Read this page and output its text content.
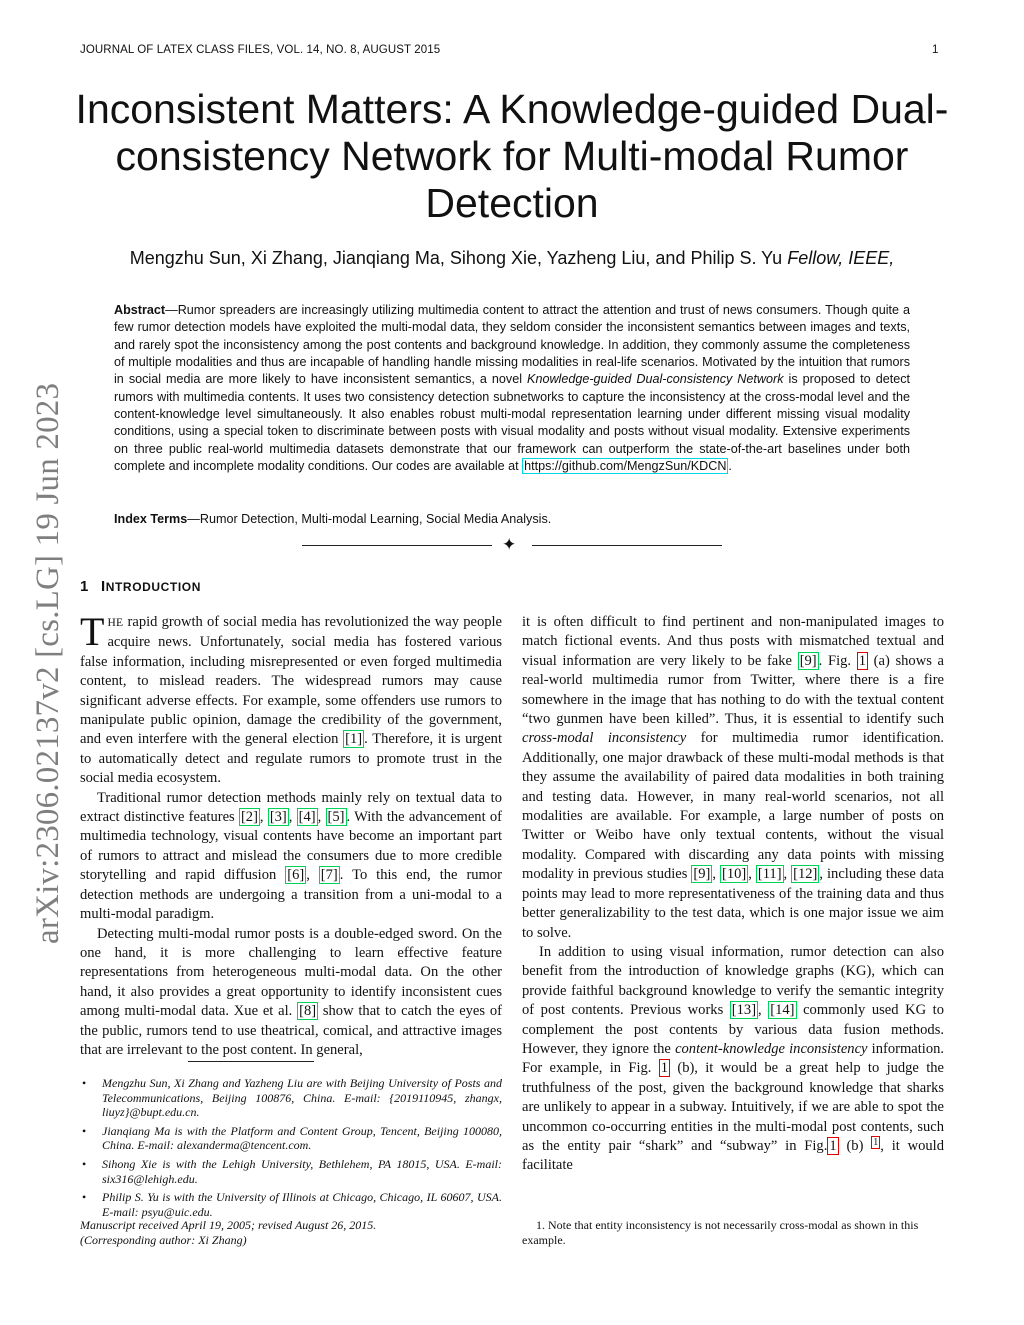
JOURNAL OF LATEX CLASS FILES, VOL. 14, NO. 8, AUGUST 2015	1
arXiv:2306.02137v2 [cs.LG] 19 Jun 2023
Inconsistent Matters: A Knowledge-guided Dual-consistency Network for Multi-modal Rumor Detection
Mengzhu Sun, Xi Zhang, Jianqiang Ma, Sihong Xie, Yazheng Liu, and Philip S. Yu Fellow, IEEE,

Abstract—Rumor spreaders are increasingly utilizing multimedia content to attract the attention and trust of news consumers. Though quite a few rumor detection models have exploited the multi-modal data, they seldom consider the inconsistent semantics between images and texts, and rarely spot the inconsistency among the post contents and background knowledge. In addition, they commonly assume the completeness of multiple modalities and thus are incapable of handling handle missing modalities in real-life scenarios. Motivated by the intuition that rumors in social media are more likely to have inconsistent semantics, a novel Knowledge-guided Dual-consistency Network is proposed to detect rumors with multimedia contents. It uses two consistency detection subnetworks to capture the inconsistency at the cross-modal level and the content-knowledge level simultaneously. It also enables robust multi-modal representation learning under different missing visual modality conditions, using a special token to discriminate between posts with visual modality and posts without visual modality. Extensive experiments on three public real-world multimedia datasets demonstrate that our framework can outperform the state-of-the-art baselines under both complete and incomplete modality conditions. Our codes are available at https://github.com/MengzSun/KDCN .

Index Terms—Rumor Detection, Multi-modal Learning, Social Media Analysis.

✦
1 INTRODUCTION

THE rapid growth of social media has revolutionized the way people acquire news. Unfortunately, social media has fostered various false information, including misrepresented or even forged multimedia content, to mislead readers. The widespread rumors may cause significant adverse effects. For example, some offenders use rumors to manipulate public opinion, damage the credibility of the government, and even interfere with the general election [1] . Therefore, it is urgent to automatically detect and regulate rumors to promote trust in the social media ecosystem.

Traditional rumor detection methods mainly rely on textual data to extract distinctive features [2] , [3] , [4] , [5] . With the advancement of multimedia technology, visual contents have become an important part of rumors to attract and mislead the consumers due to more credible storytelling and rapid diffusion [6] , [7] . To this end, the rumor detection methods are undergoing a transition from a uni-modal to a multi-modal paradigm.

Detecting multi-modal rumor posts is a double-edged sword. On the one hand, it is more challenging to learn effective feature representations from heterogeneous multi-modal data. On the other hand, it also provides a great opportunity to identify inconsistent cues among multi-modal data. Xue et al. [8] show that to catch the eyes of the public, rumors tend to use theatrical, comical, and attractive images that are irrelevant to the post content. In general,

it is often difficult to find pertinent and non-manipulated images to match fictional events. And thus posts with mismatched textual and visual information are very likely to be fake [9] . Fig. 1 (a) shows a real-world multimedia rumor from Twitter, where there is a fire somewhere in the image that has nothing to do with the textual content “two gunmen have been killed”. Thus, it is essential to identify such cross-modal inconsistency for multimedia rumor identification. Additionally, one major drawback of these multi-modal methods is that they assume the availability of paired data modalities in both training and testing data. However, in many real-world scenarios, not all modalities are available. For example, a large number of posts on Twitter or Weibo have only textual contents, without the visual modality. Compared with discarding any data points with missing modality in previous studies [9] , [10] , [11] , [12] , including these data points may lead to more representativeness of the training data and thus better generalizability to the test data, which is one major issue we aim to solve.

In addition to using visual information, rumor detection can also benefit from the introduction of knowledge graphs (KG), which can provide faithful background knowledge to verify the semantic integrity of post contents. Previous works [13] , [14] commonly used KG to complement the post contents by various data fusion methods. However, they ignore the content-knowledge inconsistency information. For example, in Fig. 1 (b), it would be a great help to judge the truthfulness of the post, given the background knowledge that sharks are unlikely to appear in a subway. Intuitively, if we are able to spot the uncommon co-occurring entities in the multi-modal post contents, such as the entity pair “shark” and “subway” in Fig. 1 (b) $^1$ , it would facilitate

• Mengzhu Sun, Xi Zhang and Yazheng Liu are with Beijing University of Posts and Telecommunications, Beijing 100876, China. E-mail: {2019110945, zhangx, liuyz}@bupt.edu.cn.
• Jianqiang Ma is with the Platform and Content Group, Tencent, Beijing 100080, China. E-mail: alexanderma@tencent.com.
• Sihong Xie is with the Lehigh University, Bethlehem, PA 18015, USA. E-mail: six316@lehigh.edu.
• Philip S. Yu is with the University of Illinois at Chicago, Chicago, IL 60607, USA. E-mail: psyu@uic.edu.

Manuscript received April 19, 2005; revised August 26, 2015.
(Corresponding author: Xi Zhang)

1. Note that entity inconsistency is not necessarily cross-modal as shown in this example.
